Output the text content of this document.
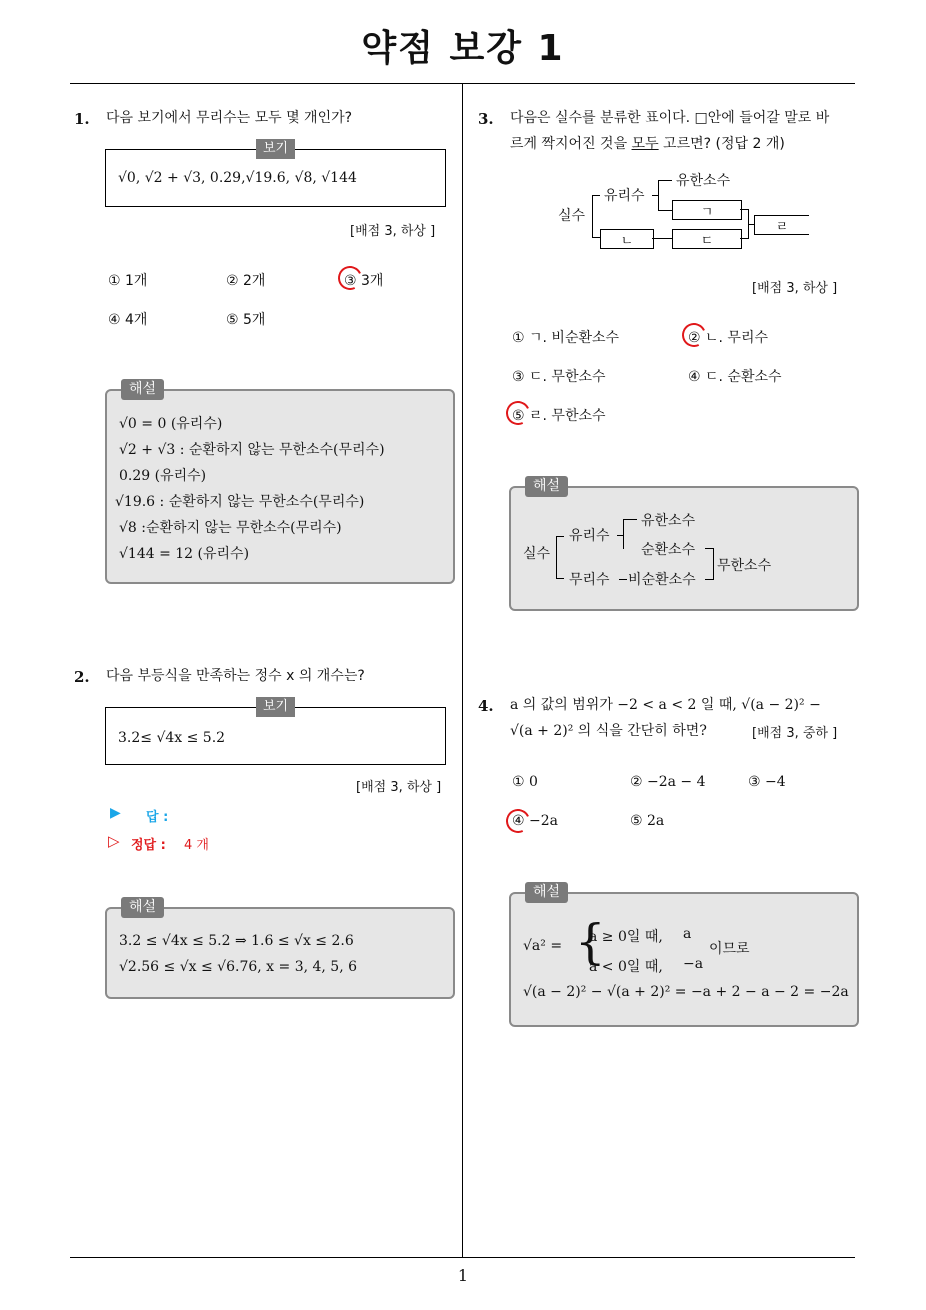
약점 보강 1
1
1. 다음 보기에서 무리수는 모두 몇 개인가?
보기
√0, √2 + √3, 0.29,√19.6, √8, √144
[배점 3, 하상 ]
① 1개	② 2개	③ 3개
④ 4개	⑤ 5개
해설
√0 = 0 (유리수)
√2 + √3 : 순환하지 않는 무한소수(무리수)
0.29 (유리수)
√19.6 : 순환하지 않는 무한소수(무리수)
√8 :순환하지 않는 무한소수(무리수)
√144 = 12 (유리수)
2. 다음 부등식을 만족하는 정수 x 의 개수는?
보기
3.2≤ √4x ≤ 5.2
[배점 3, 하상 ]
▶ 답 :
▷ 정답 : 4 개
해설
3.2 ≤ √4x ≤ 5.2 ⇒ 1.6 ≤ √x ≤ 2.6
√2.56 ≤ √x ≤ √6.76, x = 3, 4, 5, 6
3. 다음은 실수를 분류한 표이다. □안에 들어갈 말로 바
르게 짝지어진 것을 모두 고르면? (정답 2 개)
실수
유리수
유한소수
ㄱ
ㄴ	ㄷ
ㄹ
[배점 3, 하상 ]
① ㄱ. 비순환소수	② ㄴ. 무리수
③ ㄷ. 무한소수	④ ㄷ. 순환소수
⑤ ㄹ. 무한소수
해설
실수
유리수
유한소수
순환소수
무리수 비순환소수
무한소수
4. a 의 값의 범위가 −2 < a < 2 일 때, √(a − 2)² −
√(a + 2)² 의 식을 간단히 하면?	[배점 3, 중하 ]
① 0	② −2a − 4	③ −4
④ −2a	⑤ 2a
해설
√a² = {
a ≥ 0일 때, a
a < 0일 때, −a
이므로
√(a − 2)² − √(a + 2)² = −a + 2 − a − 2 = −2a
